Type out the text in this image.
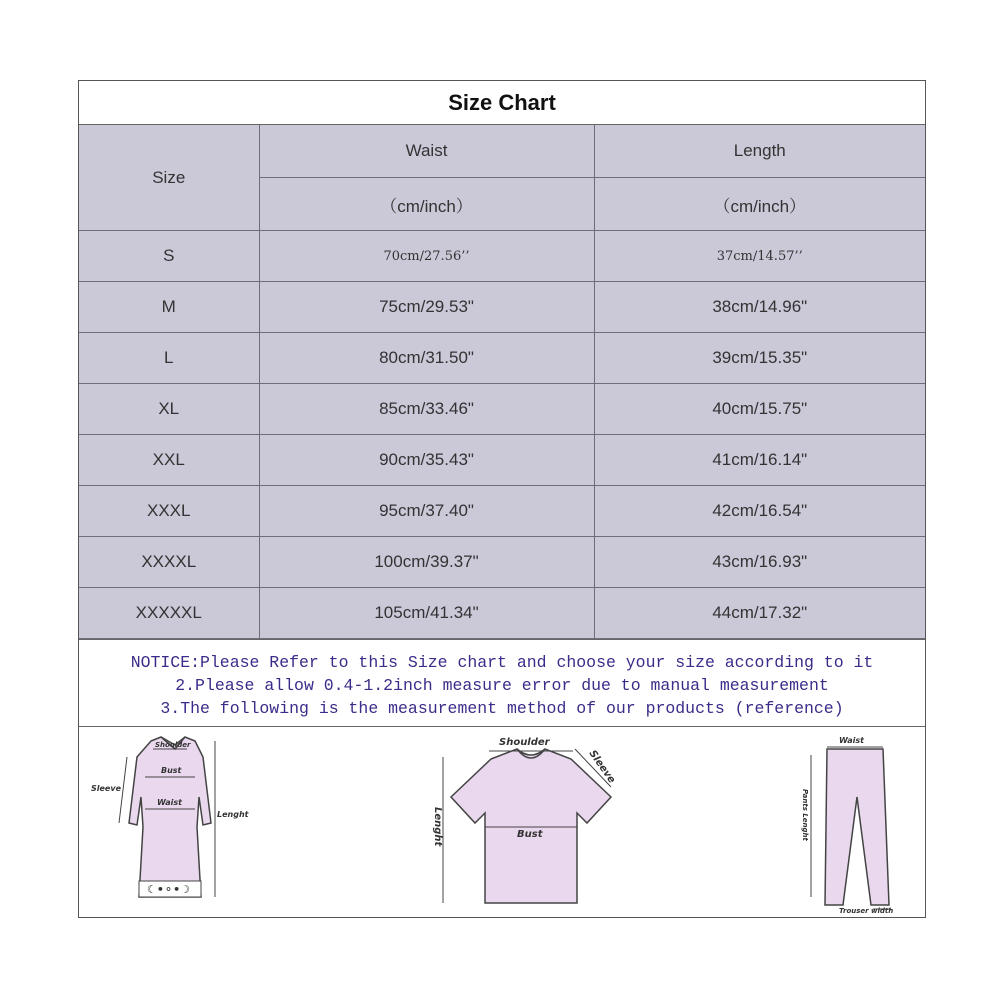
Size Chart
Size	Waist	Length
	（cm/inch）	（cm/inch）
S	70cm/27.56’’	37cm/14.57’’
M	75cm/29.53"	38cm/14.96"
L	80cm/31.50"	39cm/15.35"
XL	85cm/33.46"	40cm/15.75"
XXL	90cm/35.43"	41cm/16.14"
XXXL	95cm/37.40"	42cm/16.54"
XXXXL	100cm/39.37"	43cm/16.93"
XXXXXL	105cm/41.34"	44cm/17.32"
NOTICE:Please Refer to this Size chart and choose your size according to it
2.Please allow 0.4-1.2inch measure error due to manual measurement
3.The following is the measurement method of our products (reference)
☾•⚬•☽
Shoulder
Bust
Waist
Sleeve
Lenght
Shoulder
Sleeve
Bust
Lenght
Waist
Pants Lenght
Trouser width
